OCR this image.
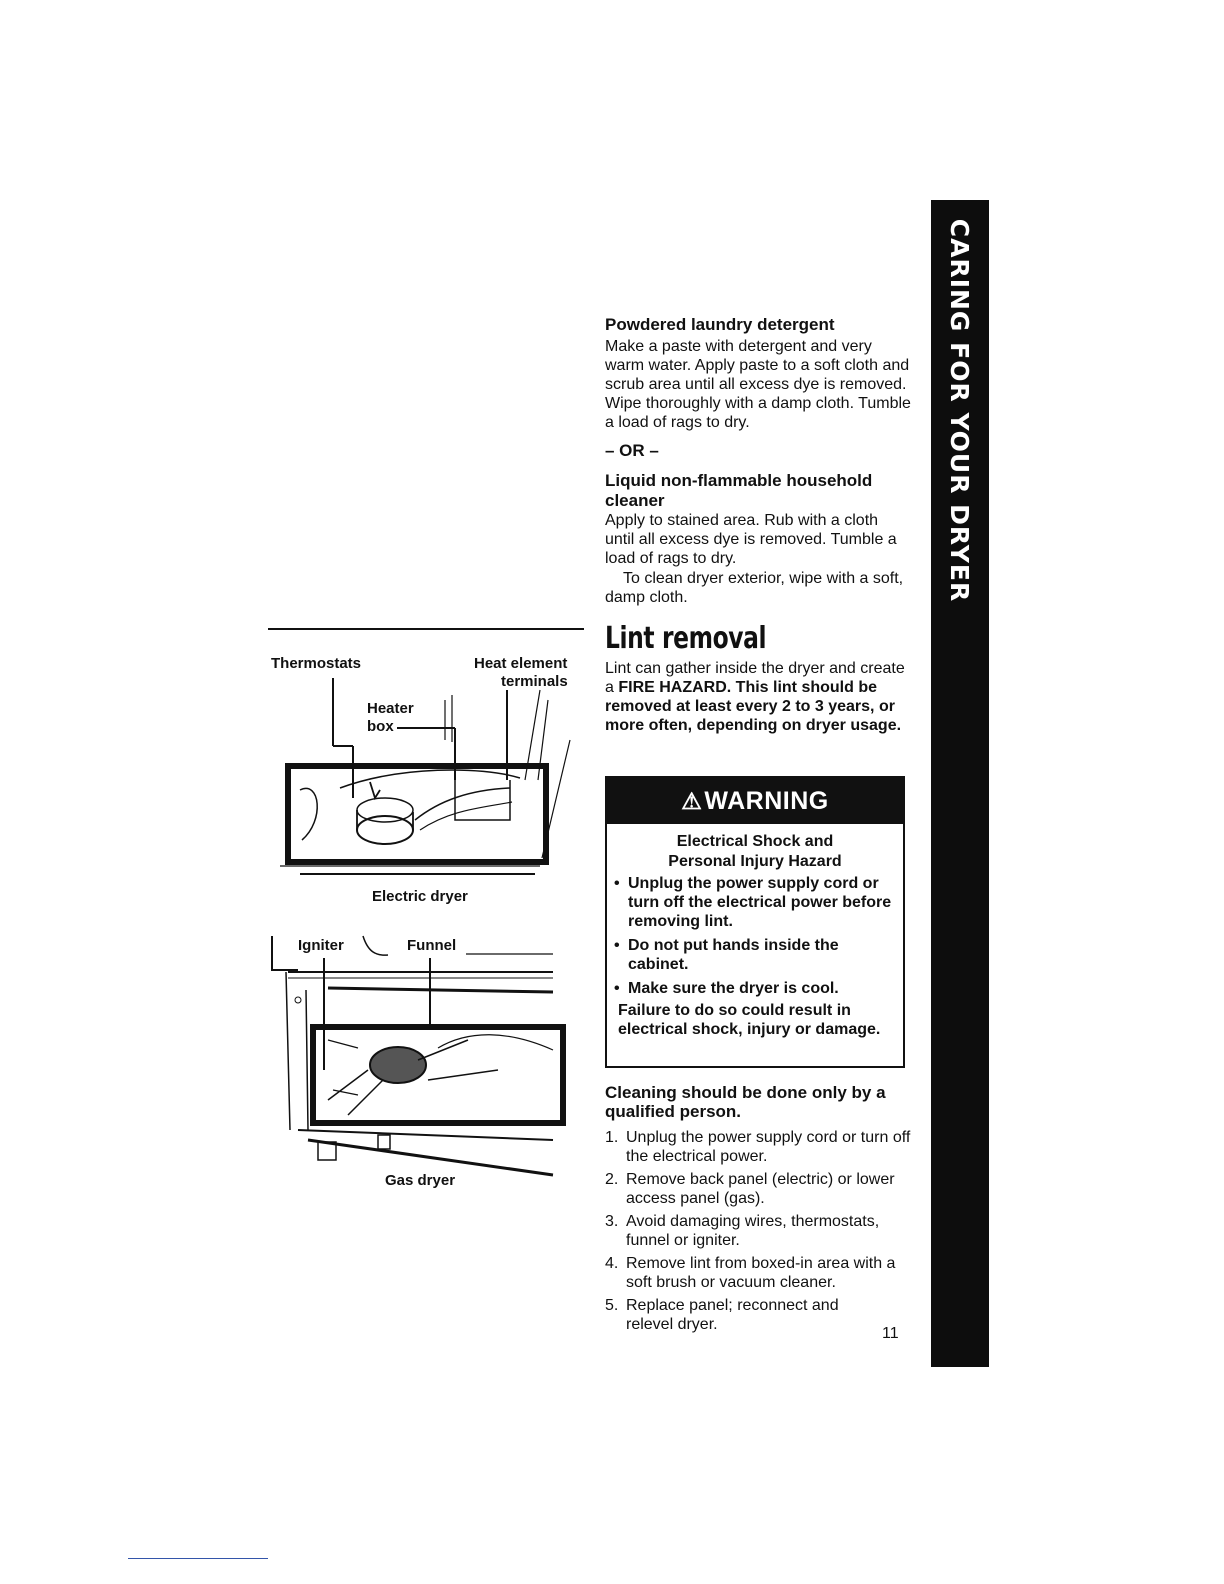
CARING FOR YOUR DRYER
Powdered laundry detergent
Make a paste with detergent and very warm water. Apply paste to a soft cloth and scrub area until all excess dye is removed. Wipe thoroughly with a damp cloth. Tumble a load of rags to dry.
– OR –
Liquid non-flammable household cleaner
Apply to stained area. Rub with a cloth until all excess dye is removed. Tumble a load of rags to dry.
To clean dryer exterior, wipe with a soft, damp cloth.
Lint removal
Lint can gather inside the dryer and create a FIRE HAZARD. This lint should be removed at least every 2 to 3 years, or more often, depending on dryer usage.
⚠ WARNING
Electrical Shock and
Personal Injury Hazard
• Unplug the power supply cord or turn off the electrical power before removing lint.
• Do not put hands inside the cabinet.
• Make sure the dryer is cool.
Failure to do so could result in electrical shock, injury or damage.
Cleaning should be done only by a qualified person.
1. Unplug the power supply cord or turn off the electrical power.
2. Remove back panel (electric) or lower access panel (gas).
3. Avoid damaging wires, thermostats, funnel or igniter.
4. Remove lint from boxed-in area with a soft brush or vacuum cleaner.
5. Replace panel; reconnect and relevel dryer.
11
Thermostats	Heat element
terminals
Heater
box
Electric dryer
Igniter	Funnel
Gas dryer
